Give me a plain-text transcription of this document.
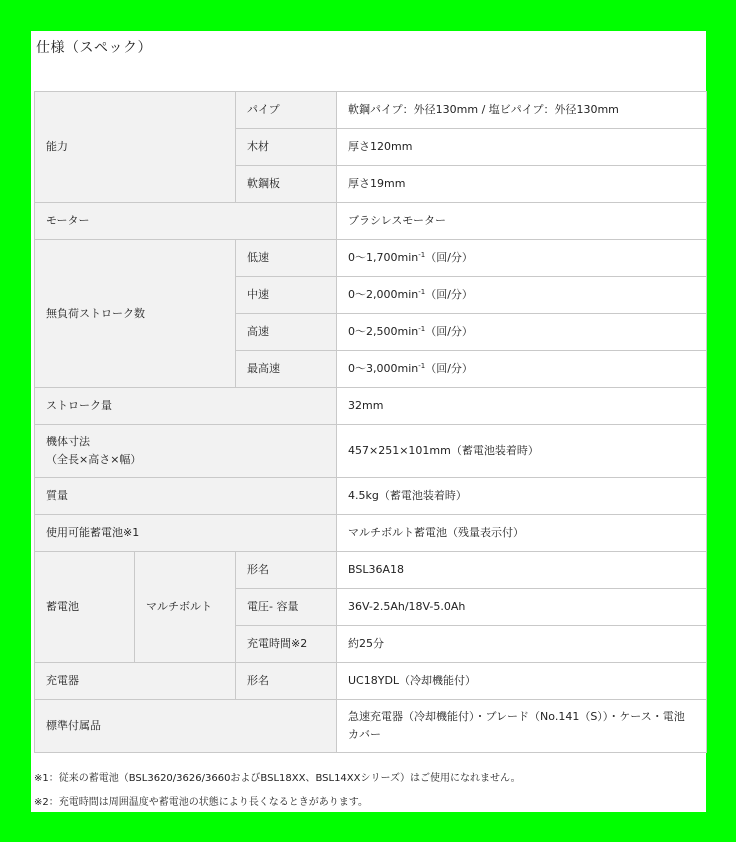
仕様（スペック）
能力		パイプ	軟鋼パイプ：外径130mm / 塩ビパイプ：外径130mm
		木材	厚さ120mm
		軟鋼板	厚さ19mm
モーター			ブラシレスモーター
無負荷ストローク数		低速	$0\sim 1,700\min^{-1}$（回/分）
		中速	$0\sim 2,000\min^{-1}$（回/分）
		高速	$0\sim 2,500\min^{-1}$（回/分）
		最高速	$0\sim 3,000\min^{-1}$（回/分）
ストローク量			32mm

機体寸法
（全長×高さ×幅）			457×251×101mm（蓄電池装着時）
質量			4.5kg（蓄電池装着時）
使用可能蓄電池※1			マルチボルト蓄電池（残量表示付）
蓄電池	マルチボルト	形名	BSL36A18
		電圧- 容量	36V-2.5Ah/18V-5.0Ah
		充電時間※2	約25分
充電器		形名	UC18YDL（冷却機能付）
標準付属品			急速充電器（冷却機能付）・ブレード（No.141（S））・ケース・電池カバー
※1：従来の蓄電池（BSL3620/3626/3660およびBSL18XX、BSL14XXシリーズ）はご使用になれません。
※2：充電時間は周囲温度や蓄電池の状態により長くなるときがあります。
